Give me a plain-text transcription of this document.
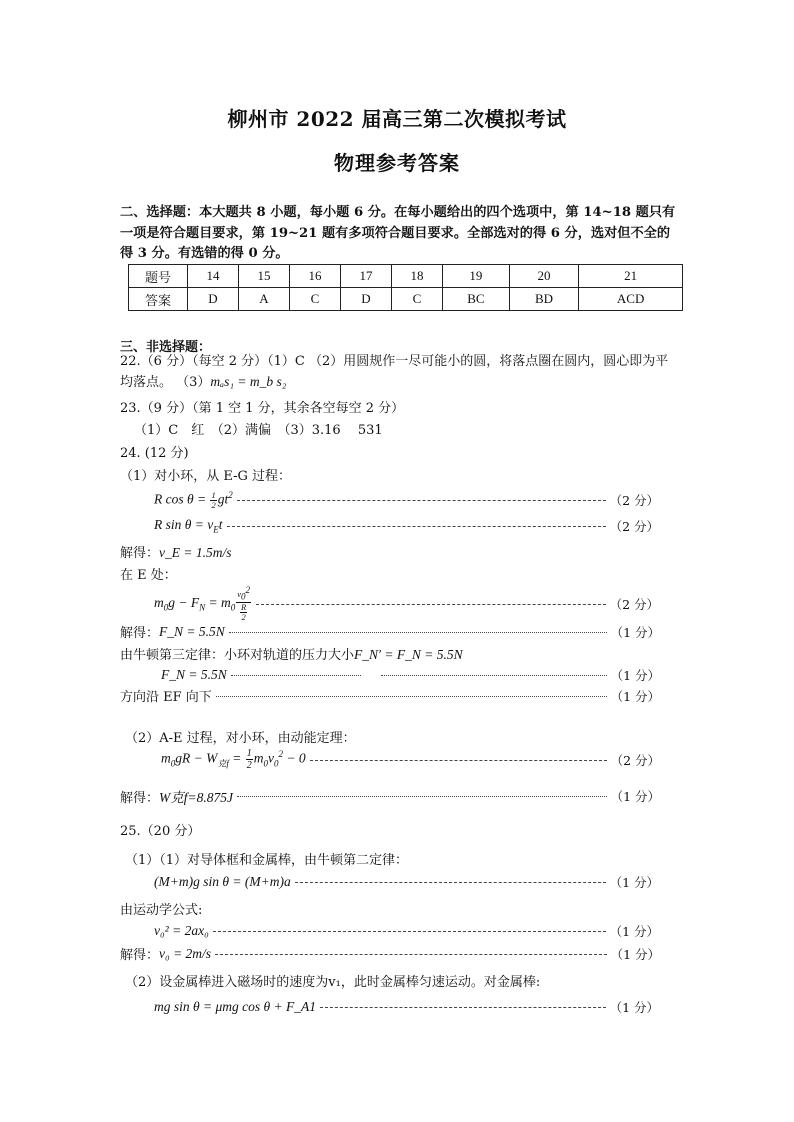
柳州市 2022 届高三第二次模拟考试
物理参考答案
二、选择题：本大题共 8 小题，每小题 6 分。在每小题给出的四个选项中，第 14~18 题只有一项是符合题目要求，第 19~21 题有多项符合题目要求。全部选对的得 6 分，选对但不全的得 3 分。有选错的得 0 分。
题号	14	15	16	17	18	19	20	21
答案	D	A	C	D	C	BC	BD	ACD
三、非选择题：
22.（6 分）（每空 2 分）（1）C （2）用圆规作一尽可能小的圆，将落点圈在圆内，圆心即为平均落点。 （3）mₐs₁ = m_b s₂
23.（9 分）（第 1 空 1 分，其余各空每空 2 分）
（1）C　红　（2）满偏　（3）3.16　 531
24. (12 分)
（1）对小环，从 E-G 过程：
R $\cos \theta = \frac{1}{2} gt^2$	（2 分）
R $\sin \theta = v_Et$	（2 分）
解得：v_E = 1.5m/s
在 E 处：
$m_0g - F_N = m_0 \frac{v_0^2}{\frac{R}{2}}$	（2 分）
解得： F_N = 5.5N	（1 分）
由牛顿第三定律：小环对轨道的压力大小F_N′ = F_N = 5.5N
F_N = 5.5N	（1 分）
方向沿 EF 向下	（1 分）
（2）A-E 过程，对小环，由动能定理：
$m_0gR - W_{克f} = \frac{1}{2} m_0v_0^2 - 0$	（2 分）
解得： W克f=8.875J	（1 分）
25.（20 分）
（1）（1）对导体框和金属棒，由牛顿第二定律：
(M+m)g sin θ = (M+m)a	（1 分）
由运动学公式:
v₀² = 2ax₀	（1 分）
解得： v₀ = 2m/s	（1 分）
（2）设金属棒进入磁场时的速度为v₁，此时金属棒匀速运动。对金属棒:
mg sin θ = μmg cos θ + F_A1	（1 分）
